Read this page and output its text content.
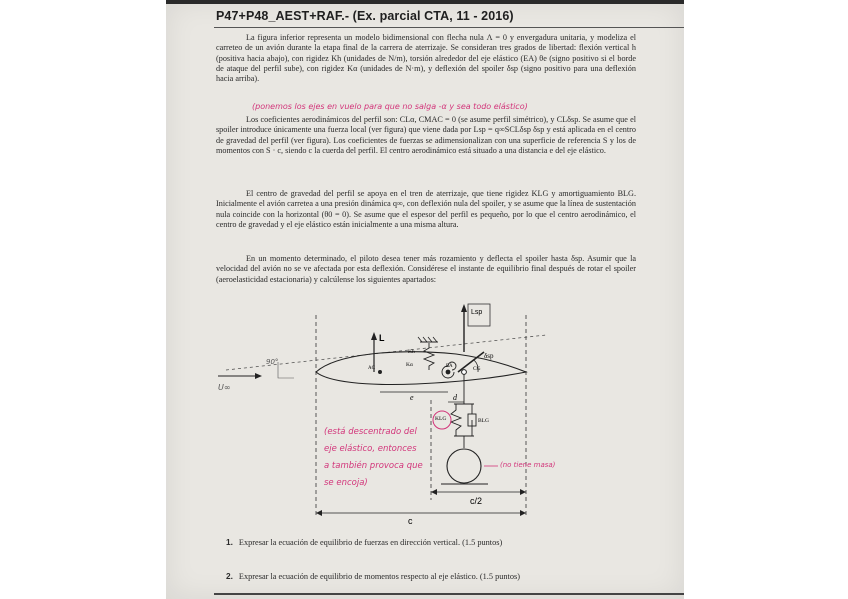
P47+P48_AEST+RAF.- (Ex. parcial CTA, 11 - 2016)
La figura inferior representa un modelo bidimensional con flecha nula Λ = 0 y envergadura unitaria, y modeliza el carreteo de un avión durante la etapa final de la carrera de aterrizaje. Se consideran tres grados de libertad: flexión vertical h (positiva hacia abajo), con rigidez Kh (unidades de N/m), torsión alrededor del eje elástico (EA) θe (signo positivo si el borde de ataque del perfil sube), con rigidez Kα (unidades de N·m), y deflexión del spoiler δsp (signo positivo para una deflexión hacia arriba).
(ponemos los ejes en vuelo para que no salga -α y sea todo elástico)
Los coeficientes aerodinámicos del perfil son: CLα, CMAC = 0 (se asume perfil simétrico), y CLδsp. Se asume que el spoiler introduce únicamente una fuerza local (ver figura) que viene dada por Lsp = q∞SCLδsp δsp y está aplicada en el centro de gravedad del perfil (ver figura). Los coeficientes de fuerzas se adimensionalizan con una superficie de referencia S y los de momentos con S · c, siendo c la cuerda del perfil. El centro aerodinámico está situado a una distancia e del eje elástico.
El centro de gravedad del perfil se apoya en el tren de aterrizaje, que tiene rigidez KLG y amortiguamiento BLG. Inicialmente el avión carretea a una presión dinámica q∞, con deflexión nula del spoiler, y se asume que la línea de sustentación nula coincide con la horizontal (θ0 = 0). Se asume que el espesor del perfil es pequeño, por lo que el centro aerodinámico, el centro de gravedad y el eje elástico están inicialmente a una misma altura.
En un momento determinado, el piloto desea tener más rozamiento y deflecta el spoiler hasta δsp. Asumir que la velocidad del avión no se ve afectada por esta deflexión. Considérese el instante de equilibrio final después de rotar el spoiler (aeroelasticidad estacionaria) y calcúlense los siguientes apartados:
L
Lsp
δsp
Kh
Kα
AC	EA	CG
e	d
KLG	BLG
c/2
c
U∞
90°
(está descentrado del
eje elástico, entonces
a también provoca que
se encoja)
(no tiene masa)
1. Expresar la ecuación de equilibrio de fuerzas en dirección vertical. (1.5 puntos)
2. Expresar la ecuación de equilibrio de momentos respecto al eje elástico. (1.5 puntos)
